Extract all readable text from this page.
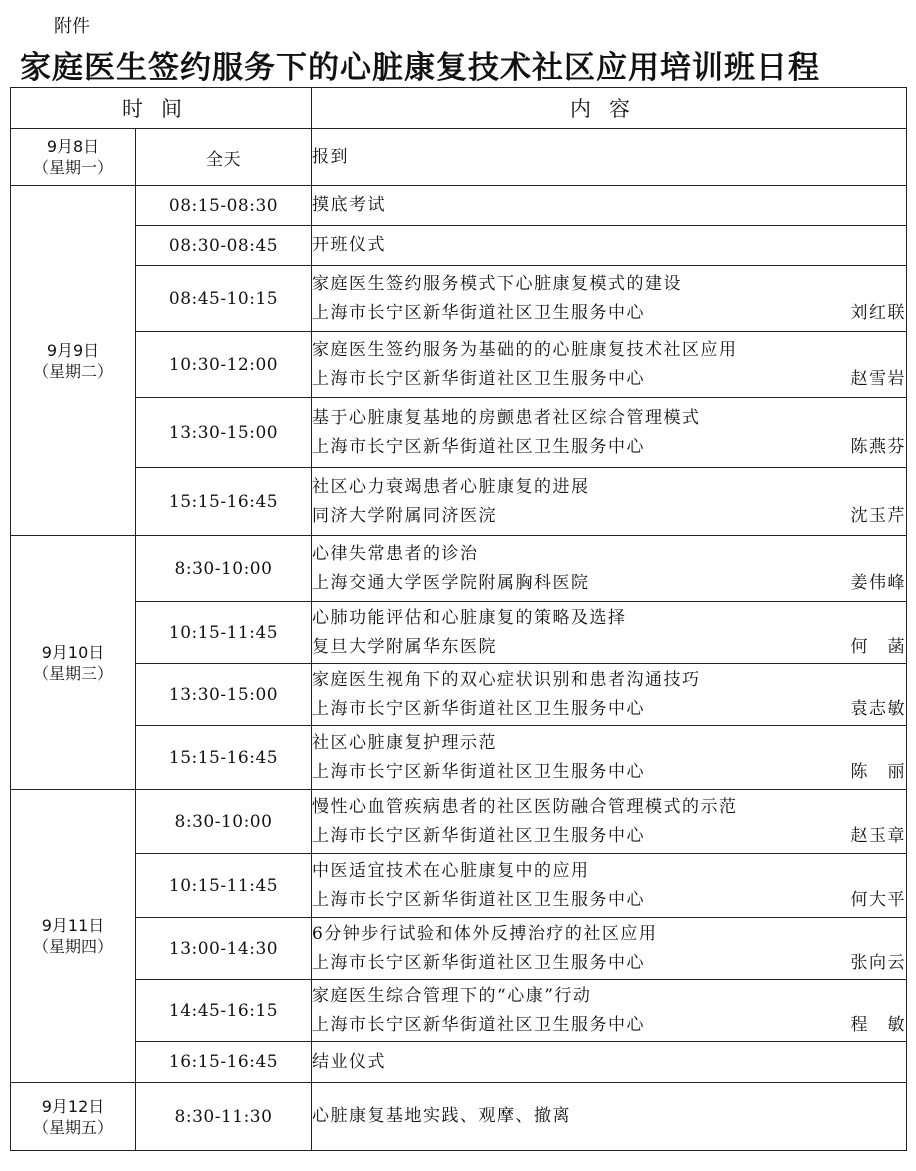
附件
家庭医生签约服务下的心脏康复技术社区应用培训班日程
时间		内容

9月8日
（星期一）	全天	报到

9月9日
（星期二）	08:15-08:30	摸底考试

	08:30-08:45	开班仪式

	08:45-10:15	家庭医生签约服务模式下心脏康复模式的建设
上海市长宁区新华街道社区卫生服务中心 刘红联

	10:30-12:00	家庭医生签约服务为基础的的心脏康复技术社区应用
上海市长宁区新华街道社区卫生服务中心 赵雪岩

	13:30-15:00	基于心脏康复基地的房颤患者社区综合管理模式
上海市长宁区新华街道社区卫生服务中心 陈燕芬

	15:15-16:45	社区心力衰竭患者心脏康复的进展
同济大学附属同济医浣 沈玉芹

9月10日
（星期三）	8:30-10:00	心律失常患者的诊治
上海交通大学医学院附属胸科医院 姜伟峰

	10:15-11:45	心肺功能评估和心脏康复的策略及选择
复旦大学附属华东医院 何　菡

	13:30-15:00	家庭医生视角下的双心症状识别和患者沟通技巧
上海市长宁区新华街道社区卫生服务中心 袁志敏

	15:15-16:45	社区心脏康复护理示范
上海市长宁区新华街道社区卫生服务中心 陈　丽

9月11日
（星期四）	8:30-10:00	慢性心血管疾病患者的社区医防融合管理模式的示范
上海市长宁区新华街道社区卫生服务中心 赵玉章

	10:15-11:45	中医适宜技术在心脏康复中的应用
上海市长宁区新华街道社区卫生服务中心 何大平

	13:00-14:30	6分钟步行试验和体外反搏治疗的社区应用
上海市长宁区新华街道社区卫生服务中心 张向云

	14:45-16:15	家庭医生综合管理下的“心康”行动
上海市长宁区新华街道社区卫生服务中心 程　敏

	16:15-16:45	结业仪式

9月12日
（星期五）	8:30-11:30	心脏康复基地实践、观摩、撤离
